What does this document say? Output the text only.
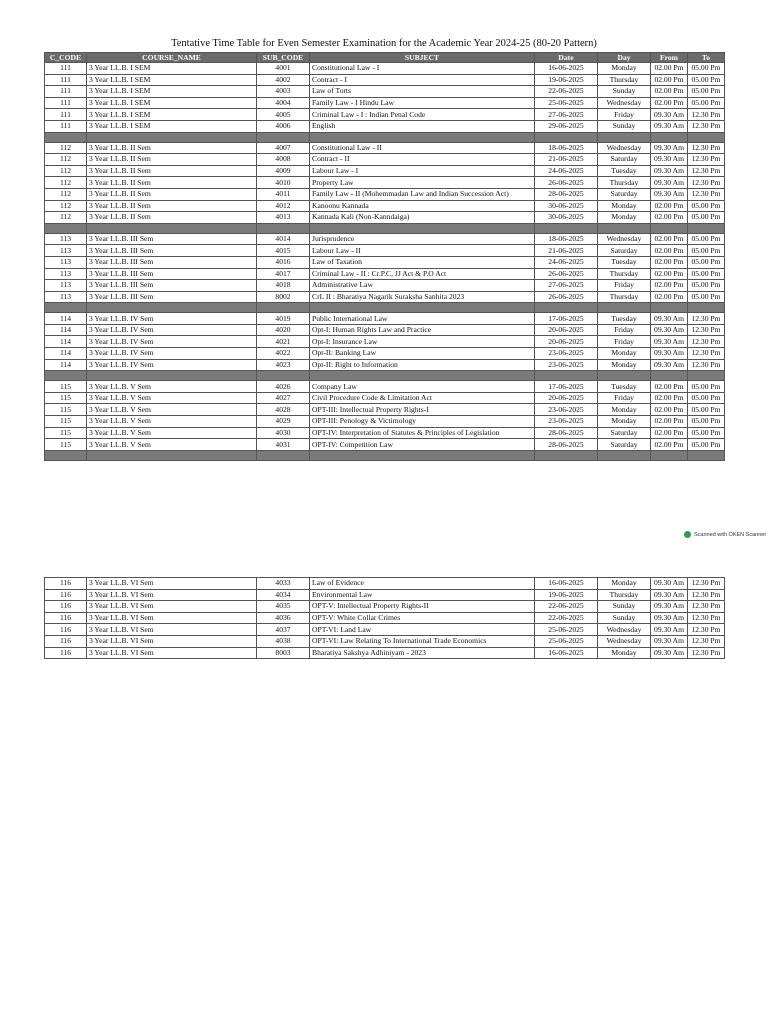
Tentative Time Table for Even Semester Examination for the Academic Year 2024-25 (80-20 Pattern)
C_CODE	COURSE_NAME	SUB_CODE	SUBJECT	Date	Day	From	To
111	3 Year LL.B. I SEM	4001	Constitutional Law - I	16-06-2025	Monday	02.00 Pm	05.00 Pm
111	3 Year LL.B. I SEM	4002	Contract - I	19-06-2025	Thursday	02.00 Pm	05.00 Pm
111	3 Year LL.B. I SEM	4003	Law of Torts	22-06-2025	Sunday	02.00 Pm	05.00 Pm
111	3 Year LL.B. I SEM	4004	Family Law - I Hindu Law	25-06-2025	Wednesday	02.00 Pm	05.00 Pm
111	3 Year LL.B. I SEM	4005	Criminal Law - I : Indian Penal Code	27-06-2025	Friday	09.30 Am	12.30 Pm
111	3 Year LL.B. I SEM	4006	English	29-06-2025	Sunday	09.30 Am	12.30 Pm

112	3 Year LL.B. II Sem	4007	Constitutional Law - II	18-06-2025	Wednesday	09.30 Am	12.30 Pm
112	3 Year LL.B. II Sem	4008	Contract - II	21-06-2025	Saturday	09.30 Am	12.30 Pm
112	3 Year LL.B. II Sem	4009	Labour Law - I	24-06-2025	Tuesday	09.30 Am	12.30 Pm
112	3 Year LL.B. II Sem	4010	Property Law	26-06-2025	Thursday	09.30 Am	12.30 Pm
112	3 Year LL.B. II Sem	4011	Family Law - II (Mohemmadan Law and Indian Succession Act)	28-06-2025	Saturday	09.30 Am	12.30 Pm
112	3 Year LL.B. II Sem	4012	Kanoonu Kannada	30-06-2025	Monday	02.00 Pm	05.00 Pm
112	3 Year LL.B. II Sem	4013	Kannada Kali (Non-Kanndaiga)	30-06-2025	Monday	02.00 Pm	05.00 Pm

113	3 Year LL.B. III Sem	4014	Jurisprudence	18-06-2025	Wednesday	02.00 Pm	05.00 Pm
113	3 Year LL.B. III Sem	4015	Labour Law - II	21-06-2025	Saturday	02.00 Pm	05.00 Pm
113	3 Year LL.B. III Sem	4016	Law of Taxation	24-06-2025	Tuesday	02.00 Pm	05.00 Pm
113	3 Year LL.B. III Sem	4017	Criminal Law - II : Cr.P.C, JJ Act & P.O Act	26-06-2025	Thursday	02.00 Pm	05.00 Pm
113	3 Year LL.B. III Sem	4018	Administrative Law	27-06-2025	Friday	02.00 Pm	05.00 Pm
113	3 Year LL.B. III Sem	8002	CrL II : Bharatiya Nagarik Suraksha Sanhita 2023	26-06-2025	Thursday	02.00 Pm	05.00 Pm

114	3 Year LL.B. IV Sem	4019	Public International Law	17-06-2025	Tuesday	09.30 Am	12.30 Pm
114	3 Year LL.B. IV Sem	4020	Opt-I: Human Rights Law and Practice	20-06-2025	Friday	09.30 Am	12.30 Pm
114	3 Year LL.B. IV Sem	4021	Opt-I: Insurance Law	20-06-2025	Friday	09.30 Am	12.30 Pm
114	3 Year LL.B. IV Sem	4022	Opt-II: Banking Law	23-06-2025	Monday	09.30 Am	12.30 Pm
114	3 Year LL.B. IV Sem	4023	Opt-II: Right to Information	23-06-2025	Monday	09.30 Am	12.30 Pm

115	3 Year LL.B. V Sem	4026	Company Law	17-06-2025	Tuesday	02.00 Pm	05.00 Pm
115	3 Year LL.B. V Sem	4027	Civil Procedure Code & Limitation Act	20-06-2025	Friday	02.00 Pm	05.00 Pm
115	3 Year LL.B. V Sem	4028	OPT-III: Intellectual Property Rights-I	23-06-2025	Monday	02.00 Pm	05.00 Pm
115	3 Year LL.B. V Sem	4029	OPT-III: Penology & Victimology	23-06-2025	Monday	02.00 Pm	05.00 Pm
115	3 Year LL.B. V Sem	4030	OPT-IV: Interpretation of Statutes & Principles of Legislation	28-06-2025	Saturday	02.00 Pm	05.00 Pm
115	3 Year LL.B. V Sem	4031	OPT-IV: Competition Law	28-06-2025	Saturday	02.00 Pm	05.00 Pm

Scanned with OKEN Scanner
116	3 Year LL.B. VI Sem	4033	Law of Evidence	16-06-2025	Monday	09.30 Am	12.30 Pm
116	3 Year LL.B. VI Sem	4034	Environmental Law	19-06-2025	Thursday	09.30 Am	12.30 Pm
116	3 Year LL.B. VI Sem	4035	OPT-V: Intellectual Property Rights-II	22-06-2025	Sunday	09.30 Am	12.30 Pm
116	3 Year LL.B. VI Sem	4036	OPT-V: White Collar Crimes	22-06-2025	Sunday	09.30 Am	12.30 Pm
116	3 Year LL.B. VI Sem	4037	OPT-VI: Land Law	25-06-2025	Wednesday	09.30 Am	12.30 Pm
116	3 Year LL.B. VI Sem	4038	OPT-VI: Law Relating To International Trade Economics	25-06-2025	Wednesday	09.30 Am	12.30 Pm
116	3 Year LL.B. VI Sem	8003	Bharatiya Sakshya Adhiniyam - 2023	16-06-2025	Monday	09.30 Am	12.30 Pm
